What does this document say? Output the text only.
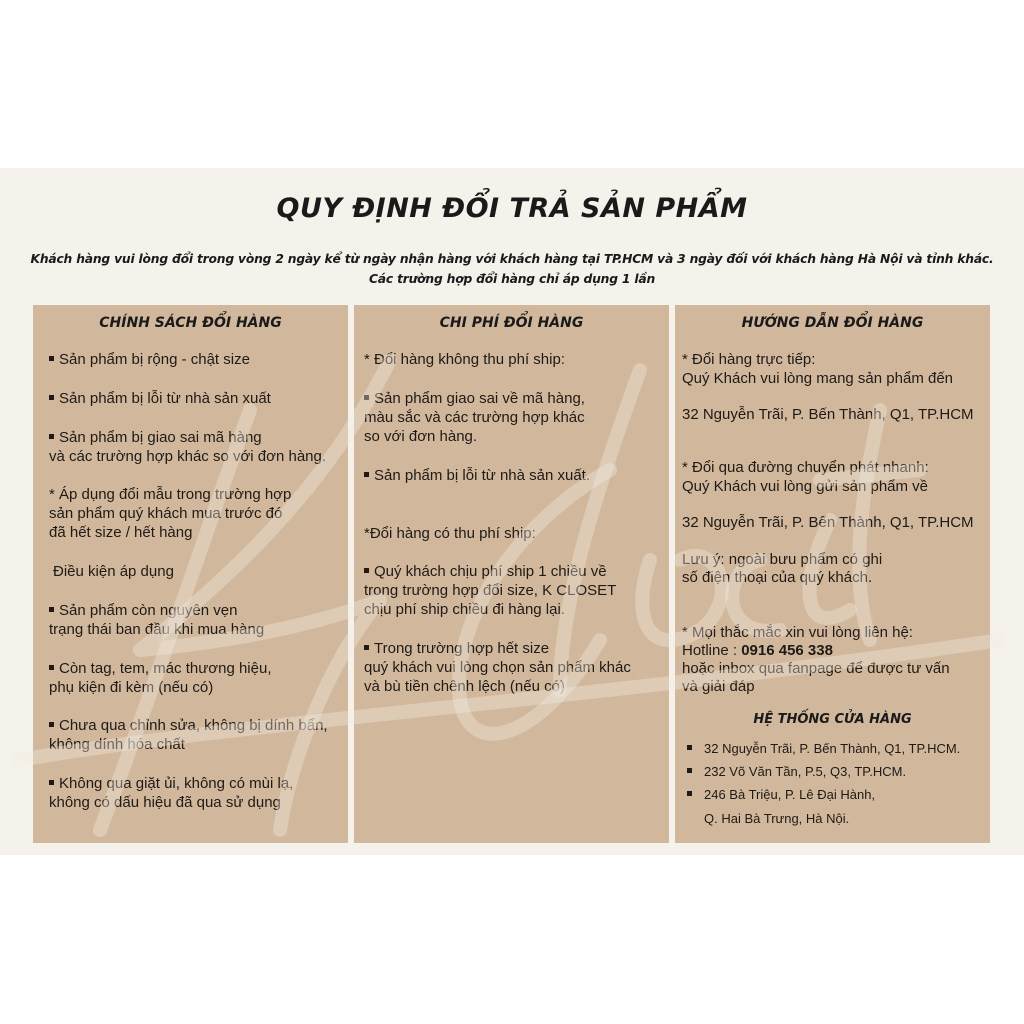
QUY ĐỊNH ĐỔI TRẢ SẢN PHẨM
Khách hàng vui lòng đổi trong vòng 2 ngày kể từ ngày nhận hàng với khách hàng tại TP.HCM và 3 ngày đối với khách hàng Hà Nội và tỉnh khác.
Các trường hợp đổi hàng chỉ áp dụng 1 lần
CHÍNH SÁCH ĐỔI HÀNG
Sản phẩm bị rộng - chật size
Sản phẩm bị lỗi từ nhà sản xuất
Sản phẩm bị giao sai mã hàng
và các trường hợp khác so với đơn hàng.
* Áp dụng đổi mẫu trong trường hợp
sản phẩm quý khách mua trước đó
đã hết size / hết hàng
Điều kiện áp dụng
Sản phẩm còn nguyên vẹn
trạng thái ban đầu khi mua hàng
Còn tag, tem, mác thương hiệu,
phụ kiện đi kèm (nếu có)
Chưa qua chỉnh sửa, không bị dính bẩn,
không dính hóa chất
Không qua giặt ủi, không có mùi lạ,
không có dấu hiệu đã qua sử dụng
CHI PHÍ ĐỔI HÀNG
* Đổi hàng không thu phí ship:
Sản phẩm giao sai về mã hàng,
màu sắc và các trường hợp khác
so với đơn hàng.
Sản phẩm bị lỗi từ nhà sản xuất.
*Đổi hàng có thu phí ship:
Quý khách chịu phí ship 1 chiều về
trong trường hợp đổi size, K CLOSET
chịu phí ship chiều đi hàng lại.
Trong trường hợp hết size
quý khách vui lòng chọn sản phẩm khác
và bù tiền chênh lệch (nếu có)
HƯỚNG DẪN ĐỔI HÀNG
* Đổi hàng trực tiếp:
Quý Khách vui lòng mang sản phẩm đến
32 Nguyễn Trãi, P. Bến Thành, Q1, TP.HCM
* Đổi qua đường chuyển phát nhanh:
Quý Khách vui lòng gửi sản phẩm về
32 Nguyễn Trãi, P. Bến Thành, Q1, TP.HCM
Lưu ý: ngoài bưu phẩm có ghi
số điện thoại của quý khách.
* Mọi thắc mắc xin vui lòng liên hệ:
Hotline : 0916 456 338
hoặc inbox qua fanpage để được tư vấn
và giải đáp
HỆ THỐNG CỬA HÀNG
32 Nguyễn Trãi, P. Bến Thành, Q1, TP.HCM.
232 Võ Văn Tần, P.5, Q3, TP.HCM.
246 Bà Triệu, P. Lê Đại Hành,
Q. Hai Bà Trưng, Hà Nội.
